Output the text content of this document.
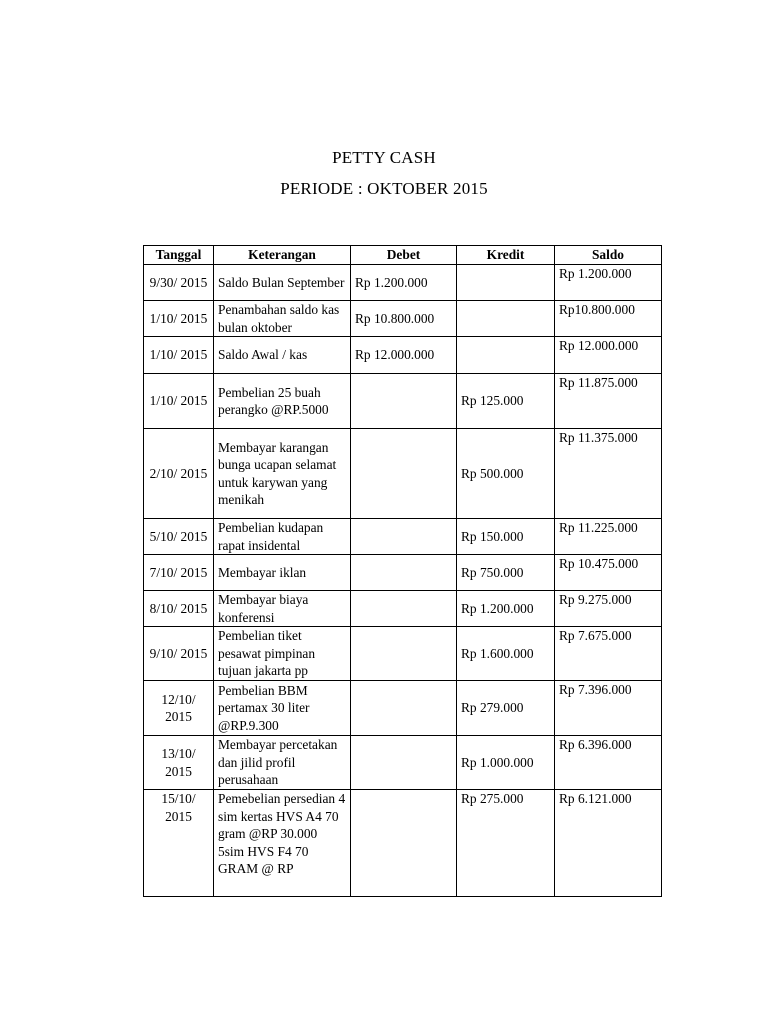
PETTY CASH
PERIODE : OKTOBER 2015
Tanggal	Keterangan	Debet	Kredit	Saldo
9/30/ 2015	Saldo Bulan September	Rp 1.200.000		Rp 1.200.000
1/10/ 2015	Penambahan saldo kas bulan oktober	Rp 10.800.000		Rp10.800.000
1/10/ 2015	Saldo Awal / kas	Rp 12.000.000		Rp 12.000.000
1/10/ 2015	Pembelian 25 buah perangko @RP.5000		Rp 125.000	Rp 11.875.000
2/10/ 2015	Membayar karangan bunga ucapan selamat untuk karywan yang menikah		Rp 500.000	Rp 11.375.000
5/10/ 2015	Pembelian kudapan rapat insidental		Rp 150.000	Rp 11.225.000
7/10/ 2015	Membayar iklan		Rp 750.000	Rp 10.475.000
8/10/ 2015	Membayar biaya konferensi		Rp 1.200.000	Rp 9.275.000
9/10/ 2015	Pembelian tiket pesawat pimpinan tujuan jakarta pp		Rp 1.600.000	Rp 7.675.000
12/10/ 2015	Pembelian BBM pertamax 30 liter @RP.9.300		Rp 279.000	Rp 7.396.000
13/10/ 2015	Membayar percetakan dan jilid profil perusahaan		Rp 1.000.000	Rp 6.396.000
15/10/ 2015	Pemebelian persedian 4 sim kertas HVS A4 70 gram @RP 30.000 5sim HVS F4 70 GRAM @ RP		Rp 275.000	Rp 6.121.000
